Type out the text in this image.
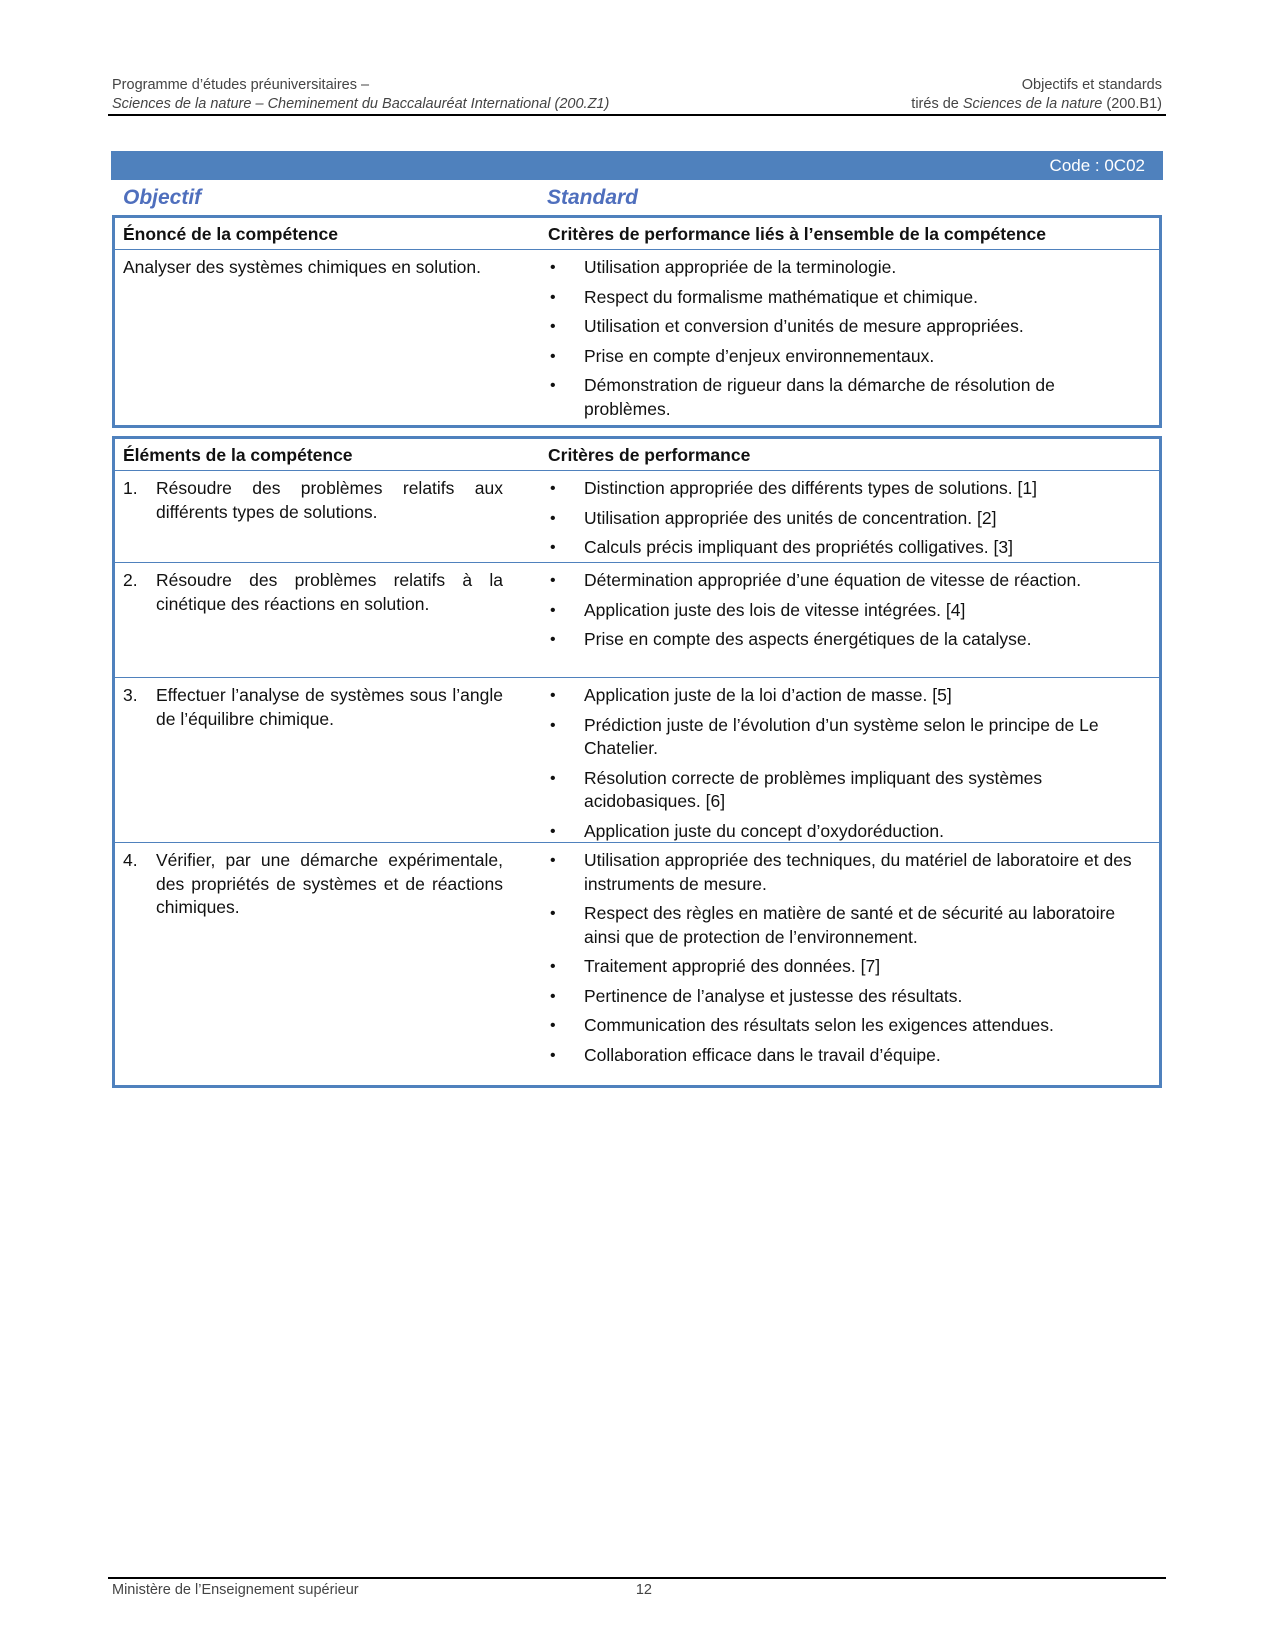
Programme d’études préuniversitaires –	Objectifs et standards
Sciences de la nature – Cheminement du Baccalauréat International (200.Z1)	tirés de Sciences de la nature (200.B1)
Code : 0C02
Objectif	Standard
Énoncé de la compétence	Critères de performance liés à l’ensemble de la compétence
Analyser des systèmes chimiques en solution.	• Utilisation appropriée de la terminologie.
• Respect du formalisme mathématique et chimique.
• Utilisation et conversion d’unités de mesure appropriées.
• Prise en compte d’enjeux environnementaux.
• Démonstration de rigueur dans la démarche de résolution de problèmes.
Éléments de la compétence	Critères de performance
1.	Résoudre des problèmes relatifs aux différents types de solutions.
• Distinction appropriée des différents types de solutions. [1]
• Utilisation appropriée des unités de concentration. [2]
• Calculs précis impliquant des propriétés colligatives. [3]
2.	Résoudre des problèmes relatifs à la cinétique des réactions en solution.
• Détermination appropriée d’une équation de vitesse de réaction.
• Application juste des lois de vitesse intégrées. [4]
• Prise en compte des aspects énergétiques de la catalyse.
3.	Effectuer l’analyse de systèmes sous l’angle de l’équilibre chimique.
• Application juste de la loi d’action de masse. [5]
• Prédiction juste de l’évolution d’un système selon le principe de Le Chatelier.
• Résolution correcte de problèmes impliquant des systèmes acidobasiques. [6]
• Application juste du concept d’oxydoréduction.
4.	Vérifier, par une démarche expérimentale, des propriétés de systèmes et de réactions chimiques.
• Utilisation appropriée des techniques, du matériel de laboratoire et des instruments de mesure.
• Respect des règles en matière de santé et de sécurité au laboratoire ainsi que de protection de l’environnement.
• Traitement approprié des données. [7]
• Pertinence de l’analyse et justesse des résultats.
• Communication des résultats selon les exigences attendues.
• Collaboration efficace dans le travail d’équipe.
Ministère de l’Enseignement supérieur	12
